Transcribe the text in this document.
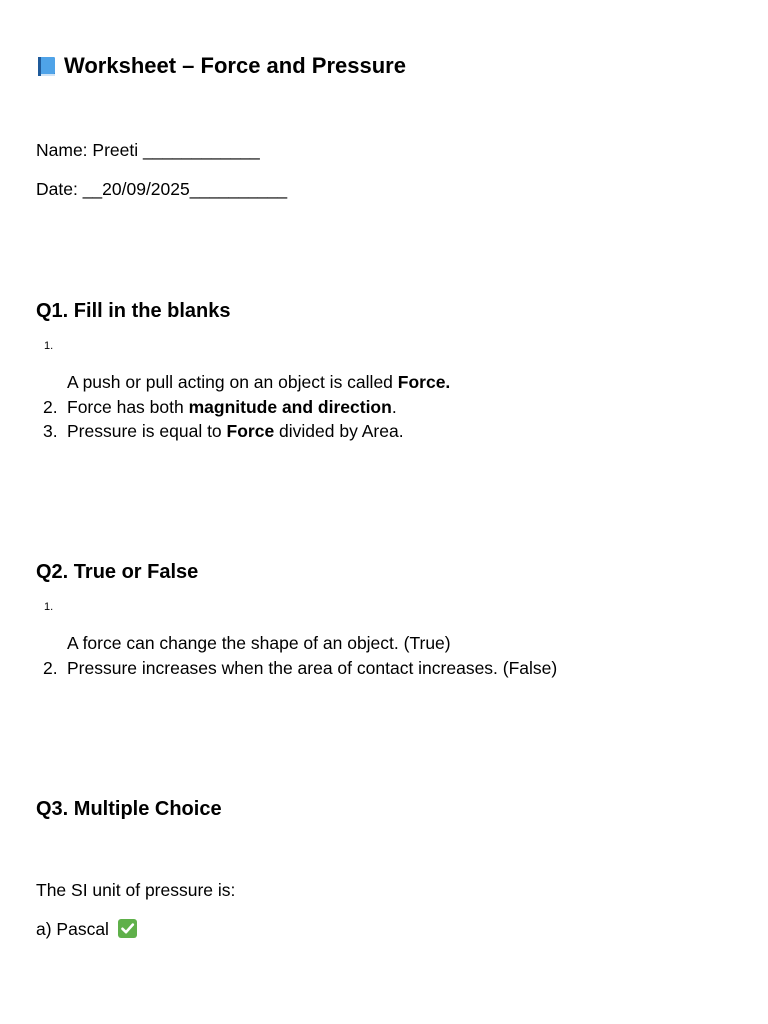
Worksheet – Force and Pressure
Name: Preeti ____________
Date: __20/09/2025__________
Q1. Fill in the blanks
1.
A push or pull acting on an object is called Force.
2. Force has both magnitude and direction.
3. Pressure is equal to Force divided by Area.
Q2. True or False
1.
A force can change the shape of an object. (True)
2. Pressure increases when the area of contact increases. (False)
Q3. Multiple Choice
The SI unit of pressure is:
a) Pascal
